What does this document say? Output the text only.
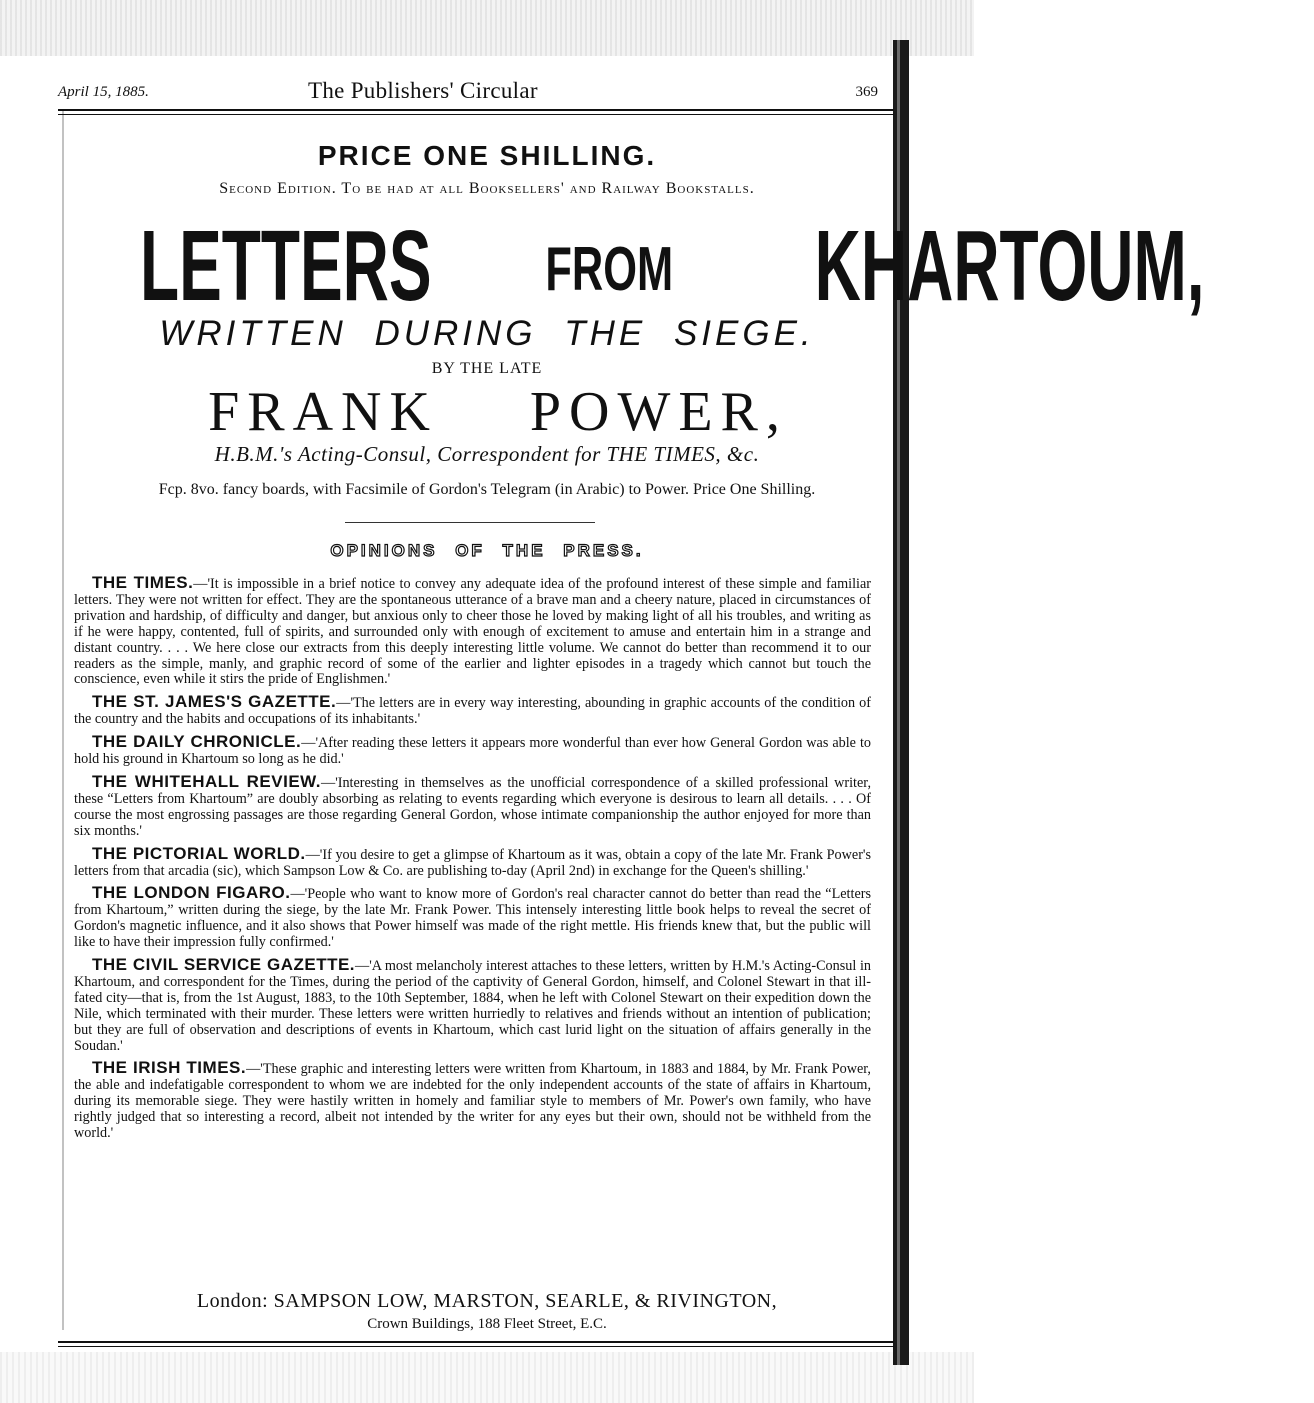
April 15, 1885.	The Publishers' Circular	369
PRICE ONE SHILLING.
Second Edition. To be had at all Booksellers' and Railway Bookstalls.
LETTERS FROM KHARTOUM,
WRITTEN DURING THE SIEGE.
BY THE LATE
FRANK POWER,
H.B.M.'s Acting-Consul, Correspondent for THE TIMES, &c.
Fcp. 8vo. fancy boards, with Facsimile of Gordon's Telegram (in Arabic) to Power. Price One Shilling.
OPINIONS OF THE PRESS.

THE TIMES.—'It is impossible in a brief notice to convey any adequate idea of the profound interest of these simple and familiar letters. They were not written for effect. They are the spontaneous utterance of a brave man and a cheery nature, placed in circumstances of privation and hardship, of difficulty and danger, but anxious only to cheer those he loved by making light of all his troubles, and writing as if he were happy, contented, full of spirits, and surrounded only with enough of excitement to amuse and entertain him in a strange and distant country. . . . We here close our extracts from this deeply interesting little volume. We cannot do better than recommend it to our readers as the simple, manly, and graphic record of some of the earlier and lighter episodes in a tragedy which cannot but touch the conscience, even while it stirs the pride of Englishmen.'

THE ST. JAMES'S GAZETTE.—'The letters are in every way interesting, abounding in graphic accounts of the condition of the country and the habits and occupations of its inhabitants.'

THE DAILY CHRONICLE.—'After reading these letters it appears more wonderful than ever how General Gordon was able to hold his ground in Khartoum so long as he did.'

THE WHITEHALL REVIEW.—'Interesting in themselves as the unofficial correspondence of a skilled professional writer, these “Letters from Khartoum” are doubly absorbing as relating to events regarding which everyone is desirous to learn all details. . . . Of course the most engrossing passages are those regarding General Gordon, whose intimate companionship the author enjoyed for more than six months.'

THE PICTORIAL WORLD.—'If you desire to get a glimpse of Khartoum as it was, obtain a copy of the late Mr. Frank Power's letters from that arcadia (sic), which Sampson Low & Co. are publishing to-day (April 2nd) in exchange for the Queen's shilling.'

THE LONDON FIGARO.—'People who want to know more of Gordon's real character cannot do better than read the “Letters from Khartoum,” written during the siege, by the late Mr. Frank Power. This intensely interesting little book helps to reveal the secret of Gordon's magnetic influence, and it also shows that Power himself was made of the right mettle. His friends knew that, but the public will like to have their impression fully confirmed.'

THE CIVIL SERVICE GAZETTE.—'A most melancholy interest attaches to these letters, written by H.M.'s Acting-Consul in Khartoum, and correspondent for the Times, during the period of the captivity of General Gordon, himself, and Colonel Stewart in that ill-fated city—that is, from the 1st August, 1883, to the 10th September, 1884, when he left with Colonel Stewart on their expedition down the Nile, which terminated with their murder. These letters were written hurriedly to relatives and friends without an intention of publication; but they are full of observation and descriptions of events in Khartoum, which cast lurid light on the situation of affairs generally in the Soudan.'

THE IRISH TIMES.—'These graphic and interesting letters were written from Khartoum, in 1883 and 1884, by Mr. Frank Power, the able and indefatigable correspondent to whom we are indebted for the only independent accounts of the state of affairs in Khartoum, during its memorable siege. They were hastily written in homely and familiar style to members of Mr. Power's own family, who have rightly judged that so interesting a record, albeit not intended by the writer for any eyes but their own, should not be withheld from the world.'

London: SAMPSON LOW, MARSTON, SEARLE, & RIVINGTON,
Crown Buildings, 188 Fleet Street, E.C.
